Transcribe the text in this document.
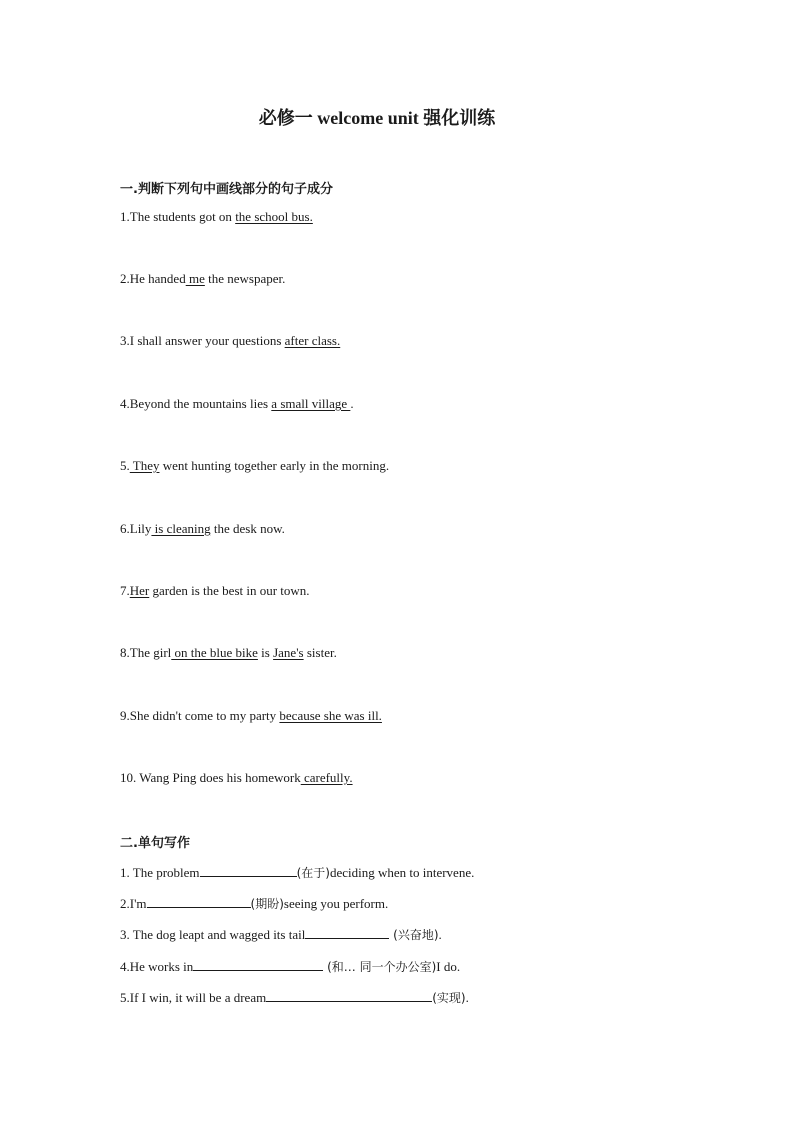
必修一 welcome unit 强化训练
一.判断下列句中画线部分的句子成分
1.The students got on the school bus.
2.He handed me the newspaper.
3.I shall answer your questions after class.
4.Beyond the mountains lies a small village .
5. They went hunting together early in the morning.
6.Lily is cleaning the desk now.
7.Her garden is the best in our town.
8.The girl on the blue bike is Jane's sister.
9.She didn't come to my party because she was ill.
10. Wang Ping does his homework carefully.
二.单句写作
1. The problem	(在于)deciding when to intervene.
2.I'm	(期盼)seeing you perform.
3. The dog leapt and wagged its tail	(兴奋地).
4.He works in	(和… 同一个办公室)I do.
5.If I win, it will be a dream	(实现).
